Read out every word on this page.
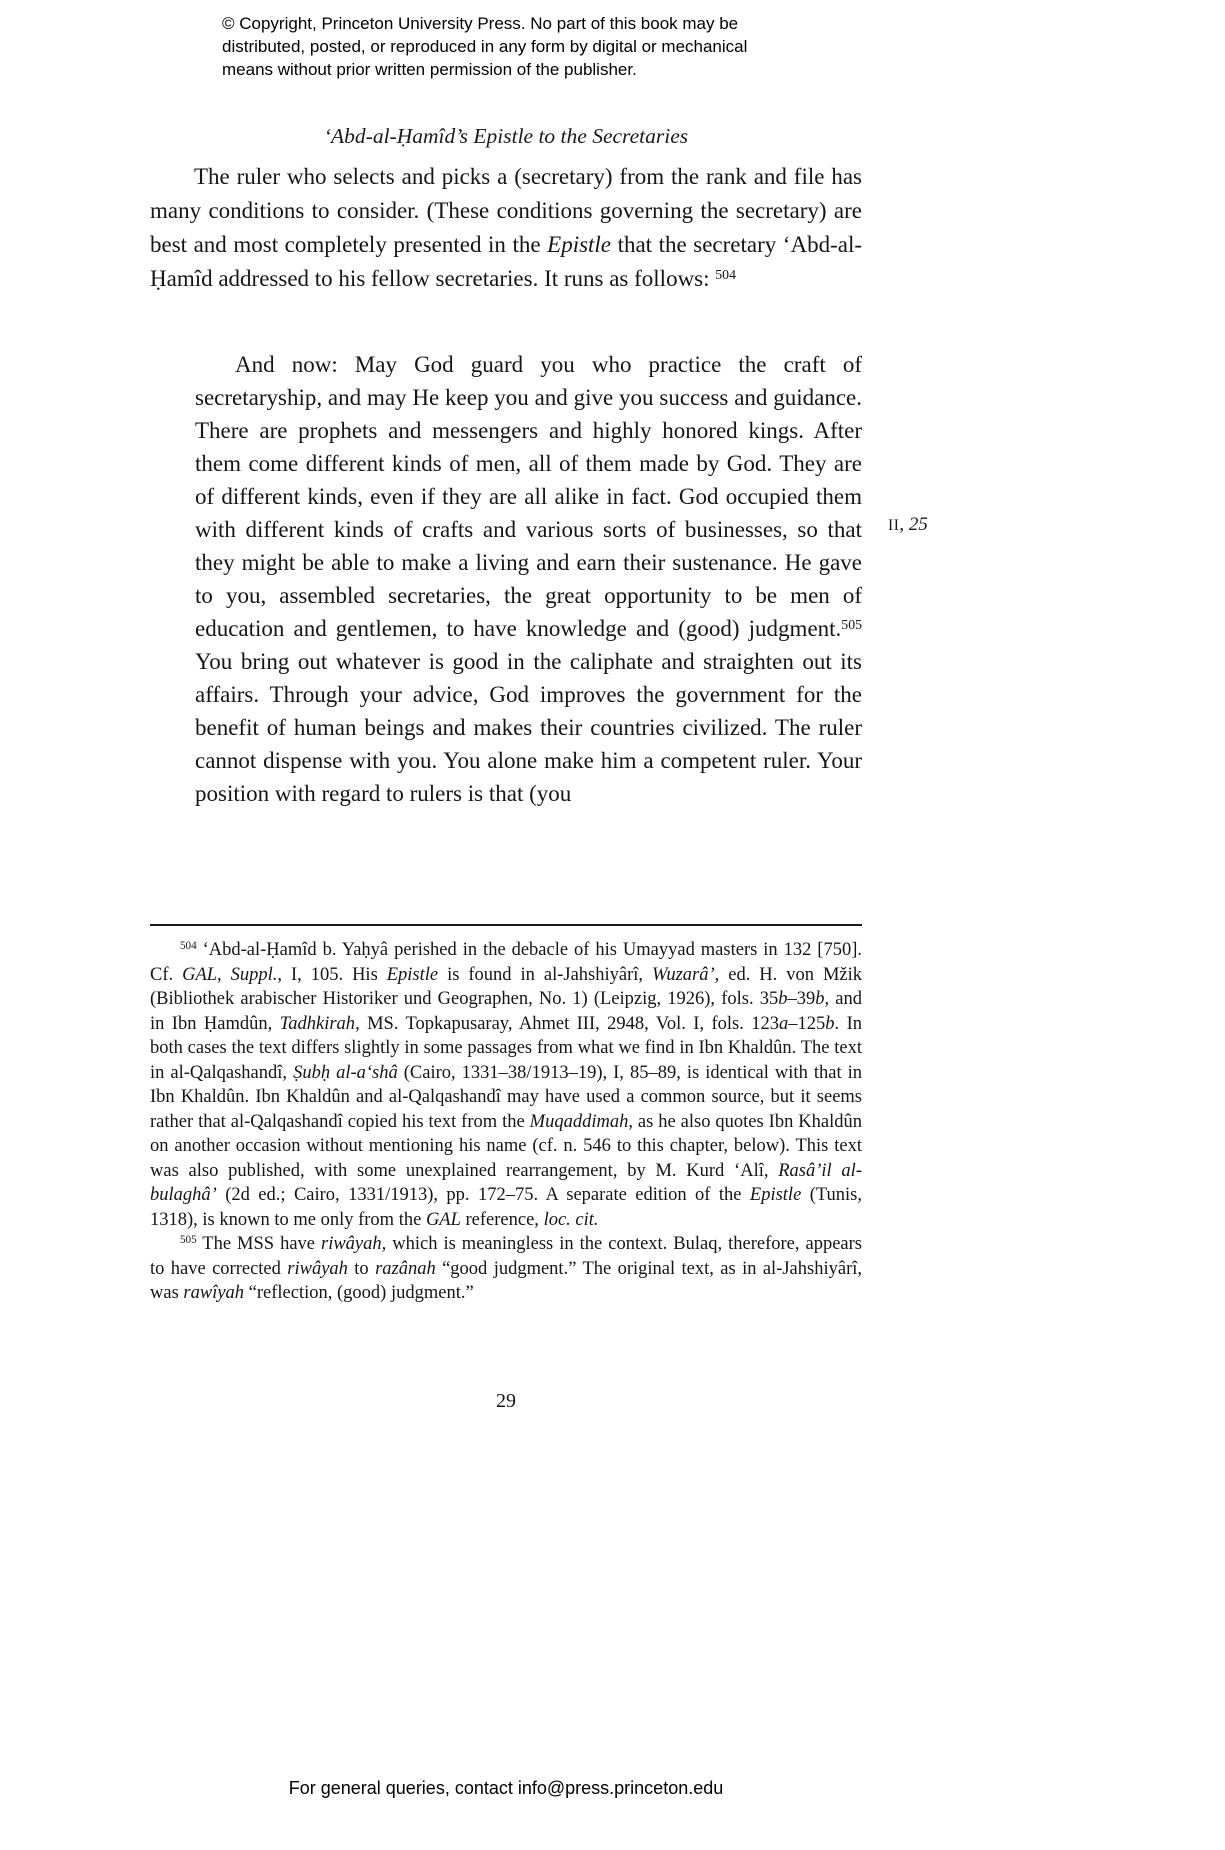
© Copyright, Princeton University Press. No part of this book may be
distributed, posted, or reproduced in any form by digital or mechanical
means without prior written permission of the publisher.
‘Abd-al-Ḥamîd’s Epistle to the Secretaries

The ruler who selects and picks a (secretary) from the rank and file has many conditions to consider. (These conditions governing the secretary) are best and most completely presented in the Epistle that the secretary ‘Abd-al-Ḥamîd addressed to his fellow secretaries. It runs as follows: $^{504}$

And now: May God guard you who practice the craft of secretaryship, and may He keep you and give you success and guidance. There are prophets and messengers and highly honored kings. After them come different kinds of men, all of them made by God. They are of different kinds, even if they are all alike in fact. God occupied them with different kinds of crafts and various sorts of businesses, so that they might be able to make a living and earn their sustenance. He gave to you, assembled secretaries, the great opportunity to be men of education and gentlemen, to have knowledge and (good) judgment.$^{505}$ You bring out whatever is good in the caliphate and straighten out its affairs. Through your advice, God improves the government for the benefit of human beings and makes their countries civilized. The ruler cannot dispense with you. You alone make him a competent ruler. Your position with regard to rulers is that (you

II, 25

$^{504}$ ‘Abd-al-Ḥamîd b. Yaḥyâ perished in the debacle of his Umayyad masters in 132 [750]. Cf. GAL, Suppl., I, 105. His Epistle is found in al-Jahshiyârî, Wuzarâ’, ed. H. von Mžik (Bibliothek arabischer Historiker und Geographen, No. 1) (Leipzig, 1926), fols. 35b–39b, and in Ibn Ḥamdûn, Tadhkirah, MS. Topkapusaray, Ahmet III, 2948, Vol. I, fols. 123a–125b. In both cases the text differs slightly in some passages from what we find in Ibn Khaldûn. The text in al-Qalqashandî, Ṣubḥ al-a‘shâ (Cairo, 1331–38/1913–19), I, 85–89, is identical with that in Ibn Khaldûn. Ibn Khaldûn and al-Qalqashandî may have used a common source, but it seems rather that al-Qalqashandî copied his text from the Muqaddimah, as he also quotes Ibn Khaldûn on another occasion without mentioning his name (cf. n. 546 to this chapter, below). This text was also published, with some unexplained rearrangement, by M. Kurd ‘Alî, Rasâ’il al-bulaghâ’ (2d ed.; Cairo, 1331/1913), pp. 172–75. A separate edition of the Epistle (Tunis, 1318), is known to me only from the GAL reference, loc. cit.

$^{505}$ The MSS have riwâyah, which is meaningless in the context. Bulaq, therefore, appears to have corrected riwâyah to razânah “good judgment.” The original text, as in al-Jahshiyârî, was rawîyah “reflection, (good) judgment.”

29
For general queries, contact info@press.princeton.edu
